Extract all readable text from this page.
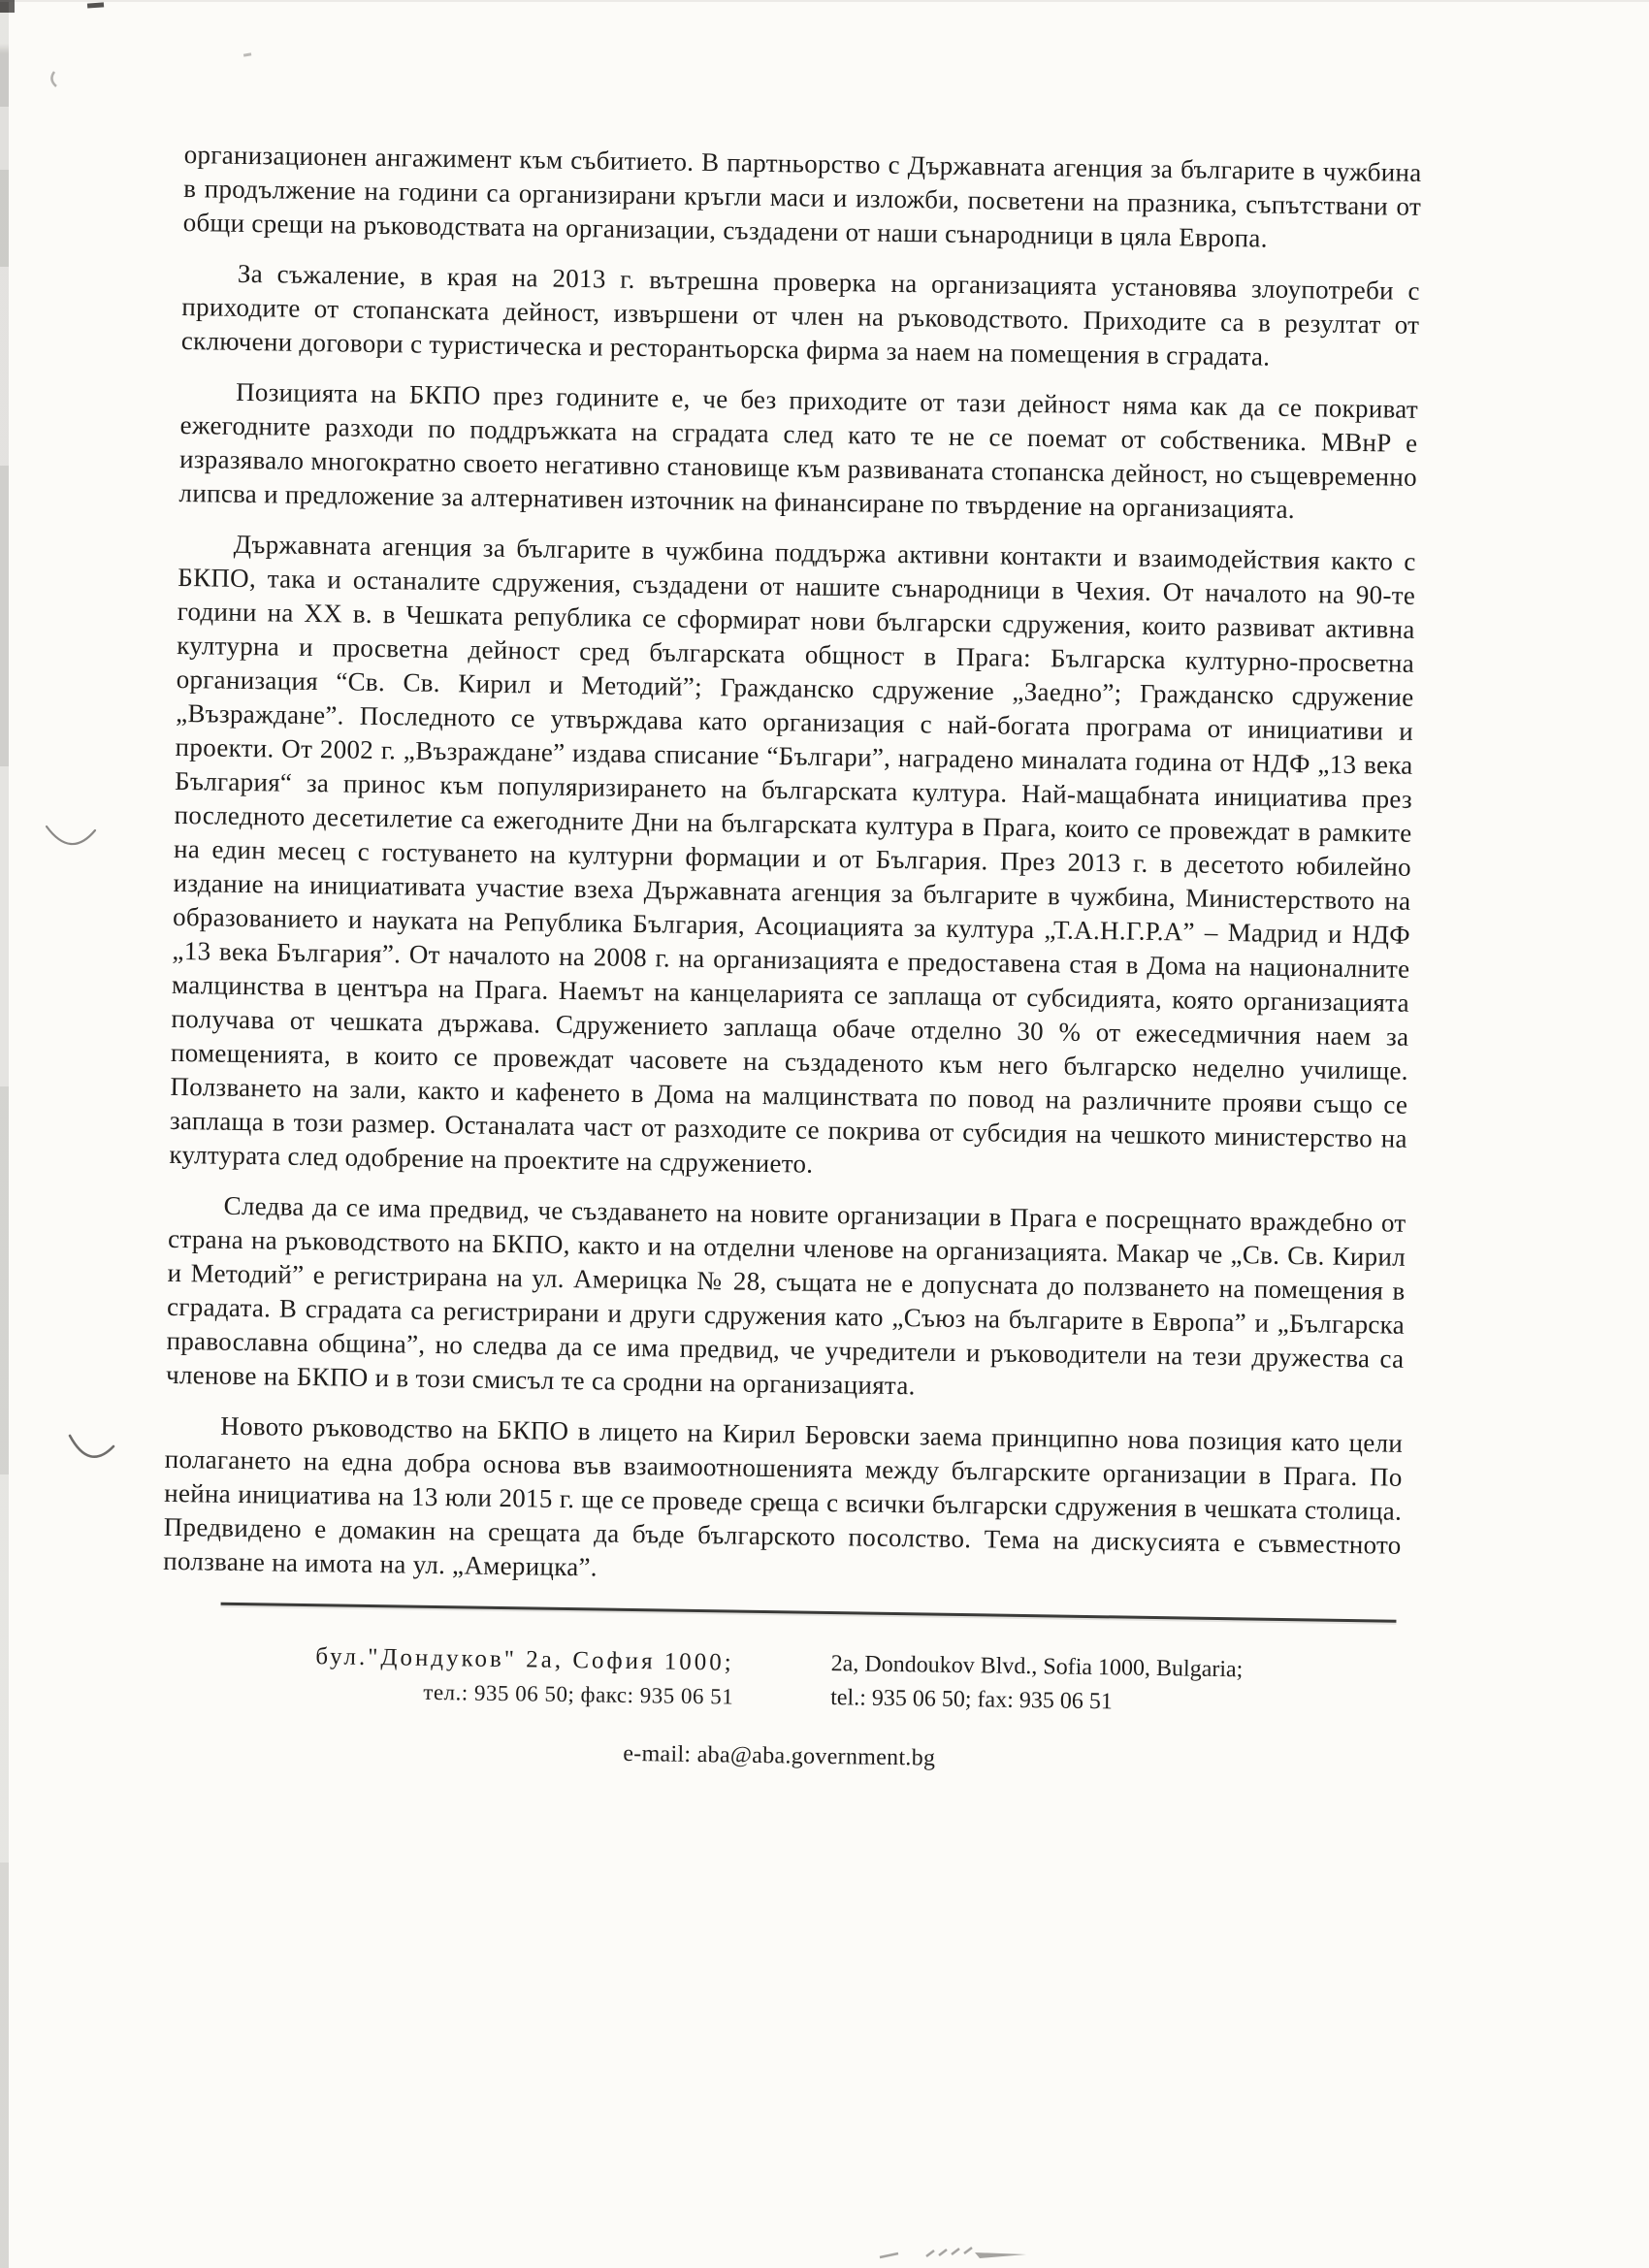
организационен ангажимент към събитието. В партньорство с Държавната агенция за българите в чужбина в продължение на години са организирани кръгли маси и изложби, посветени на празника, съпътствани от общи срещи на ръководствата на организации, създадени от наши сънародници в цяла Европа.

За съжаление, в края на 2013 г. вътрешна проверка на организацията установява злоупотреби с приходите от стопанската дейност, извършени от член на ръководството. Приходите са в резултат от сключени договори с туристическа и ресторантьорска фирма за наем на помещения в сградата.

Позицията на БКПО през годините е, че без приходите от тази дейност няма как да се покриват ежегодните разходи по поддръжката на сградата след като те не се поемат от собственика. МВнР е изразявало многократно своето негативно становище към развиваната стопанска дейност, но същевременно липсва и предложение за алтернативен източник на финансиране по твърдение на организацията.

Държавната агенция за българите в чужбина поддържа активни контакти и взаимодействия както с БКПО, така и останалите сдружения, създадени от нашите сънародници в Чехия. От началото на 90-те години на ХХ в. в Чешката република се сформират нови български сдружения, които развиват активна културна и просветна дейност сред българската общност в Прага: Българска културно-просветна организация “Св. Св. Кирил и Методий”; Гражданско сдружение „Заедно”; Гражданско сдружение „Възраждане”. Последното се утвърждава като организация с най-богата програма от инициативи и проекти. От 2002 г. „Възраждане” издава списание “Българи”, наградено миналата година от НДФ „13 века България“ за принос към популяризирането на българската култура. Най-мащабната инициатива през последното десетилетие са ежегодните Дни на българската култура в Прага, които се провеждат в рамките на един месец с гостуването на културни формации и от България. През 2013 г. в десетото юбилейно издание на инициативата участие взеха Държавната агенция за българите в чужбина, Министерството на образованието и науката на Република България, Асоциацията за култура „Т.А.Н.Г.Р.А” – Мадрид и НДФ „13 века България”. От началото на 2008 г. на организацията е предоставена стая в Дома на националните малцинства в центъра на Прага. Наемът на канцеларията се заплаща от субсидията, която организацията получава от чешката държава. Сдружението заплаща обаче отделно 30 % от ежеседмичния наем за помещенията, в които се провеждат часовете на създаденото към него българско неделно училище. Ползването на зали, както и кафенето в Дома на малцинствата по повод на различните прояви също се заплаща в този размер. Останалата част от разходите се покрива от субсидия на чешкото министерство на културата след одобрение на проектите на сдружението.

Следва да се има предвид, че създаването на новите организации в Прага е посрещнато враждебно от страна на ръководството на БКПО, както и на отделни членове на организацията. Макар че „Св. Св. Кирил и Методий” е регистрирана на ул. Америцка № 28, същата не е допусната до ползването на помещения в сградата. В сградата са регистрирани и други сдружения като „Съюз на българите в Европа” и „Българска православна община”, но следва да се има предвид, че учредители и ръководители на тези дружества са членове на БКПО и в този смисъл те са сродни на организацията.

Новото ръководство на БКПО в лицето на Кирил Беровски заема принципно нова позиция като цели полагането на една добра основа във взаимоотношенията между българските организации в Прага. По нейна инициатива на 13 юли 2015 г. ще се проведе среща с всички български сдружения в чешката столица. Предвидено е домакин на срещата да бъде българското посолство. Тема на дискусията е съвместното ползване на имота на ул. „Америцка”.

бул."Дондуков" 2а, София 1000;
тел.: 935 06 50; факс: 935 06 51
2a, Dondoukov Blvd., Sofia 1000, Bulgaria;
tel.: 935 06 50; fax: 935 06 51
e-mail: aba@aba.government.bg
